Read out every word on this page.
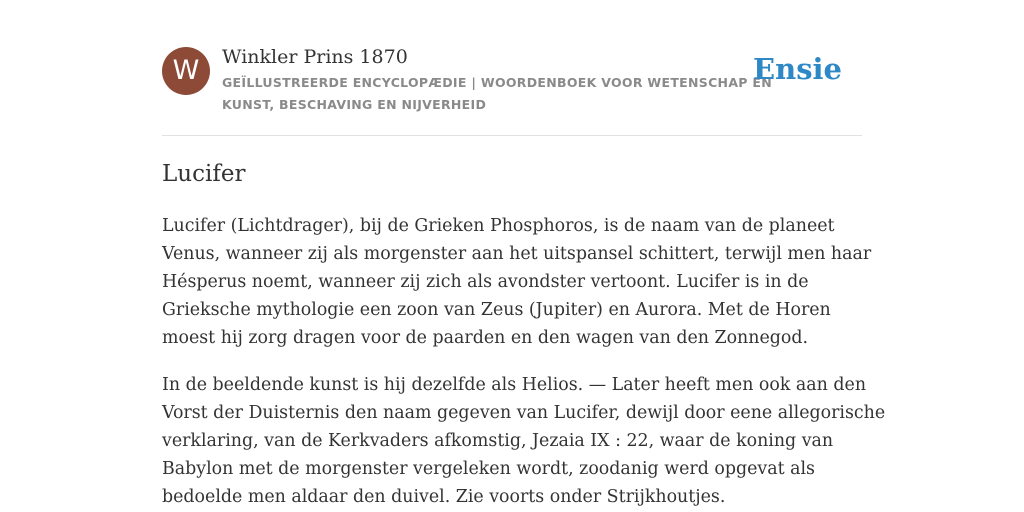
W	Winkler Prins 1870
GEÏLLUSTREERDE ENCYCLOPÆDIE | WOORDENBOEK VOOR WETENSCHAP EN
KUNST, BESCHAVING EN NIJVERHEID
Ensie
Lucifer

Lucifer (Lichtdrager), bij de Grieken Phosphoros, is de naam van de planeet
Venus, wanneer zij als morgenster aan het uitspansel schittert, terwijl men haar
Hésperus noemt, wanneer zij zich als avondster vertoont. Lucifer is in de
Grieksche mythologie een zoon van Zeus (Jupiter) en Aurora. Met de Horen
moest hij zorg dragen voor de paarden en den wagen van den Zonnegod.

In de beeldende kunst is hij dezelfde als Helios. — Later heeft men ook aan den
Vorst der Duisternis den naam gegeven van Lucifer, dewijl door eene allegorische
verklaring, van de Kerkvaders afkomstig, Jezaia IX : 22, waar de koning van
Babylon met de morgenster vergeleken wordt, zoodanig werd opgevat als
bedoelde men aldaar den duivel. Zie voorts onder Strijkhoutjes.
